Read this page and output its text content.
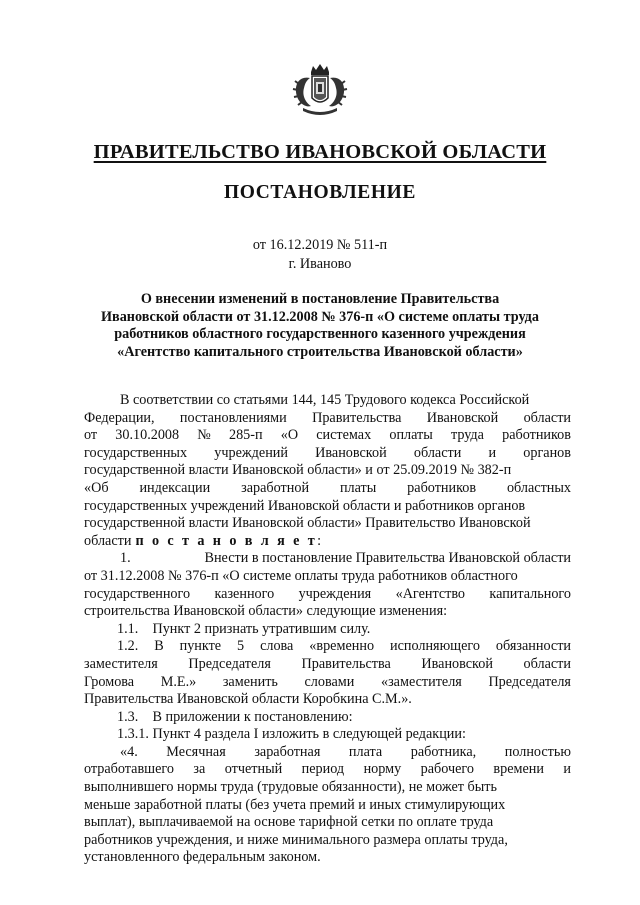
ПРАВИТЕЛЬСТВО ИВАНОВСКОЙ ОБЛАСТИ
ПОСТАНОВЛЕНИЕ
от 16.12.2019 № 511-п
г. Иваново
О внесении изменений в постановление Правительства
Ивановской области от 31.12.2008 № 376-п «О системе оплаты труда
работников областного государственного казенного учреждения
«Агентство капитального строительства Ивановской области»
В соответствии со статьями 144, 145 Трудового кодекса Российской
Федерации, постановлениями Правительства Ивановской области
от 30.10.2008 № 285-п «О системах оплаты труда работников
государственных учреждений Ивановской области и органов
государственной власти Ивановской области» и от 25.09.2019 № 382-п
«Об индексации заработной платы работников областных
государственных учреждений Ивановской области и работников органов
государственной власти Ивановской области» Правительство Ивановской
области п о с т а н о в л я е т :
1.	Внести в постановление Правительства Ивановской области
от 31.12.2008 № 376-п «О системе оплаты труда работников областного
государственного казенного учреждения «Агентство капитального
строительства Ивановской области» следующие изменения:
1.1.    Пункт 2 признать утратившим силу.
1.2. В пункте 5 слова «временно исполняющего обязанности
заместителя Председателя Правительства Ивановской области
Громова М.Е.» заменить словами «заместителя Председателя
Правительства Ивановской области Коробкина С.М.».
1.3.    В приложении к постановлению:
1.3.1. Пункт 4 раздела I изложить в следующей редакции:
«4. Месячная заработная плата работника, полностью
отработавшего за отчетный период норму рабочего времени и
выполнившего нормы труда (трудовые обязанности), не может быть
меньше заработной платы (без учета премий и иных стимулирующих
выплат), выплачиваемой на основе тарифной сетки по оплате труда
работников учреждения, и ниже минимального размера оплаты труда,
установленного федеральным законом.
